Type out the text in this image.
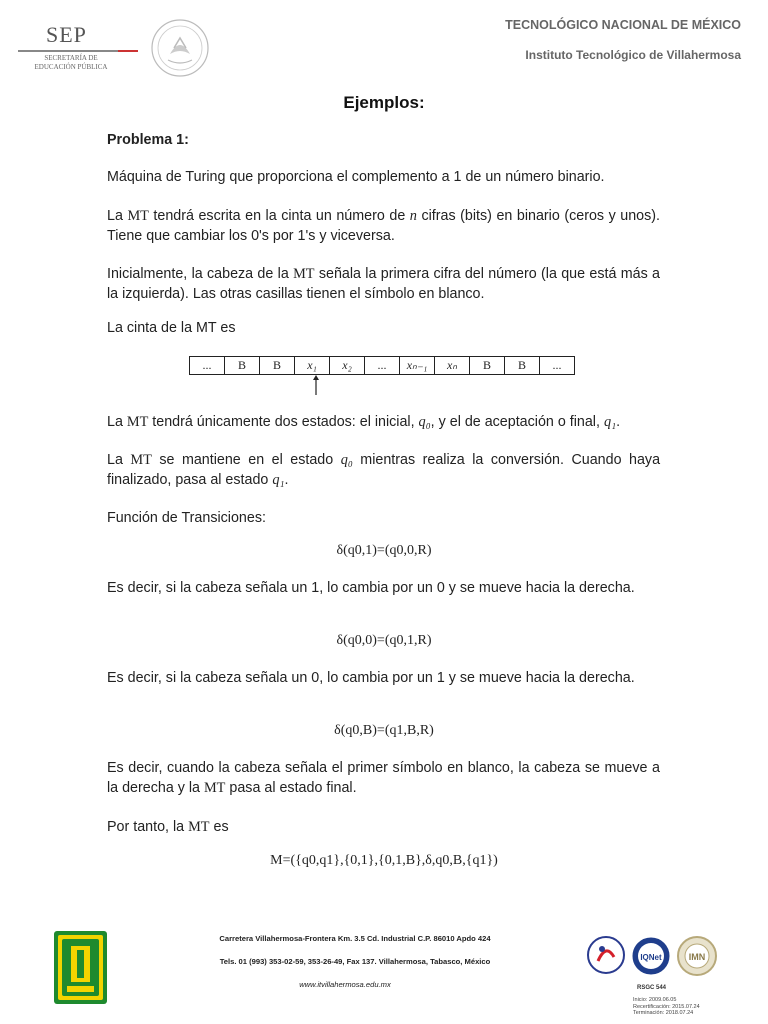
SEP
SECRETARÍA DE
EDUCACIÓN PÚBLICA
TECNOLÓGICO NACIONAL DE MÉXICO
Instituto Tecnológico de Villahermosa
Ejemplos:
Problema 1:
Máquina de Turing que proporciona el complemento a 1 de un número binario.
La MT tendrá escrita en la cinta un número de n cifras (bits) en binario (ceros y unos). Tiene que cambiar los 0's por 1's y viceversa.
Inicialmente, la cabeza de la MT señala la primera cifra del número (la que está más a la izquierda). Las otras casillas tienen el símbolo en blanco.
La cinta de la MT es
...	B	B	x₁	x₂	...	xₙ₋₁	xₙ	B	B	...
La MT tendrá únicamente dos estados: el inicial, q₀, y el de aceptación o final, q₁.
La MT se mantiene en el estado q₀ mientras realiza la conversión. Cuando haya finalizado, pasa al estado q₁.
Función de Transiciones:
δ(q0,1)=(q0,0,R)
Es decir, si la cabeza señala un 1, lo cambia por un 0 y se mueve hacia la derecha.
δ(q0,0)=(q0,1,R)
Es decir, si la cabeza señala un 0, lo cambia por un 1 y se mueve hacia la derecha.
δ(q0,B)=(q1,B,R)
Es decir, cuando la cabeza señala el primer símbolo en blanco, la cabeza se mueve a la derecha y la MT pasa al estado final.
Por tanto, la MT es
M=({q0,q1},{0,1},{0,1,B},δ,q0,B,{q1})
Carretera Villahermosa-Frontera Km. 3.5 Cd. Industrial C.P. 86010 Apdo 424
Tels. 01 (993) 353-02-59, 353-26-49, Fax 137. Villahermosa, Tabasco, México
www.itvillahermosa.edu.mx
IQNet	IMN
RSGC 544
Inicio: 2009.06.05
Recertificación: 2015.07.24
Terminación: 2018.07.24
